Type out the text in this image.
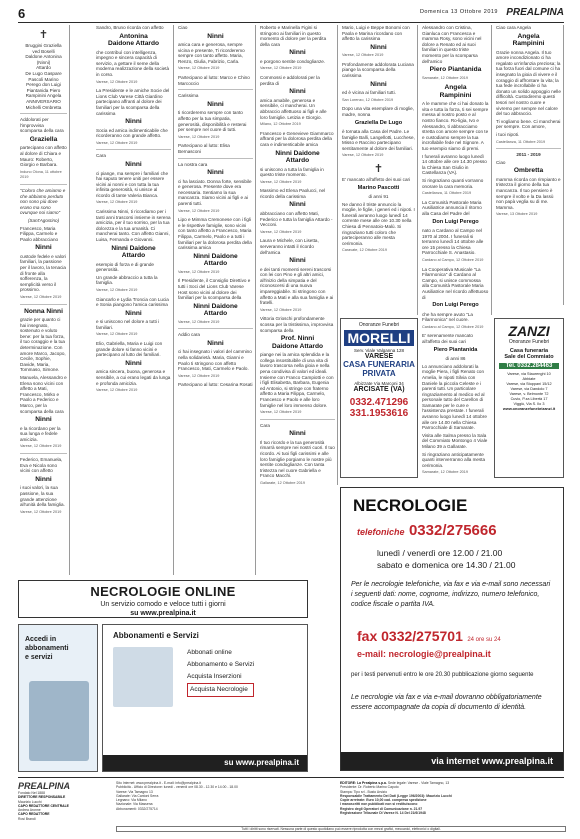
6	Domenica 13 Ottobre 2019 PREALPINA
✝
Bruggini Graziella
ved Boselli
Daldone Antonina (Ninni)
Attardo
De Lugo Gaspare
Pascoli Marino
Perego don Luigi
Piantanida Piero
Rampinini Angela
ANNIVERSARIO
Michelli Ombretta

Addolorati per l'improvvisa scomparsa della cara

Graziella

partecipano con affetto al dolore di Chiara e Mauro: Roberto, Giorgio e Barbara.

Induno Olona, 11 ottobre 2019

"Coloro che amiamo e che abbiamo perduto non sono più dove erano ma sono ovunque noi siamo"

(Sant'Agostino)

Francesco, Maria Filippa, Carmelo e Paolo abbracciano

Ninni

custode fedele e valori familiari, la passione per il lavoro, la tenacia di fronte alla sofferenza, la semplicità verso il prossimo.

Varese, 12 Ottobre 2019
Nonna Ninni

grazie per quanto ci hai insegnato, sostenuto e voluto bene: per la tua forza, il tuo coraggio e la tua determinazione. Con amore Marco, Jacopo, Cecile, Sophie, Davide, Maria, Tommaso, Simone.

Manuela, Alessandro e Elena sono vicini con affetto a Mati, Francesco, Mirko e Paolo a Federico e Marco, per la scomparsa della cara

Ninni

e la ricordano per la sua lunga e fedele amicizia.

Varese, 12 Ottobre 2019

Federico, Emanuela, Eva e Nicola sono vicini con affetto

Ninni

i suoi valori, la sua passione, la sua grande attenzione all'unità della famiglia.

Varese, 12 Ottobre 2019

Sandro, Bruno ricorda con affetto

Antonina
Daidone Attardo

che contribuì con intelligenza, impegno e sincera capacità di servizio, a gettare il seme della moderna realizzazione della società in corso.

Varese, 12 Ottobre 2019

La Presidente e le amiche Socie del Lions Club Varese Città Giardino partecipano affranti al dolore dei familiari per la scomparsa della carissima

Ninni

Socia ed amica indimenticabile che ricorderanno con grande affetto.

Varese, 12 Ottobre 2019

Cara

Ninni

ci piange, ma sempre i familiari che hai saputo tenere uniti per essere vicini ai nonni e con tutta la tua infinita generosità, si unisce al ricordo di tante Valeria Bianca.

Varese, 12 Ottobre 2019

Carissima Ninni, ti ricordiamo per i tanti anni trascorsi insieme in serena amicizia, per il tuo sorriso, per la tua dolcezza e la tua umanità. Ci mancherai tanto. Con affetto Gianni, Luisa, Fernanda e Giovanni.

Ninni Daidone
Attardo

esempio di forza e di grande generosità.

Un grande abbraccio a tutta la famiglia.

Varese, 12 Ottobre 2019

Giancarlo e Lydia Troncia con Lucia e Sonia piangono l'amica carissima

Ninni

e si uniscono nel dolore a tutti i familiari.

Varese, 12 Ottobre 2019

Elio, Gabriella, Maria e Luigi con grande dolore si fanno vicini e partecipano al lutto dei familiari.

Ninni

amica sincera, buona, generosa e sensibile, a cui erano legati da lunga e profonda amicizia.

Varese, 12 Ottobre 2019

Ciao

Ninni

amica cara e generosa, sempre vicina e presente, Ti ricorderemo sempre con tanto affetto. Maria, Renzo, Giulia, Fabrizio, Carla.

Varese, 12 Ottobre 2019

Partecipano al lutto: Marco e Chino Marcoccio

Carissima

Ninni

ti ricorderemo sempre con tanto affetto per la tua simpatia, generosità, disponibilità e resterai per sempre nel cuore di tutti.

Varese, 12 Ottobre 2019

Partecipano al lutto: Elisa Bernasconi

La nostra cara

Ninni

ci ha lasciato. Donna forte, sensibile e generosa. Presente dove era necessaria. Sentiamo la sua mancanza. Siamo vicini ai figli e ai parenti tutti.

Varese, 12 Ottobre 2019

Lipo e Mimma Cremonese con i figli e le rispettive famiglie, sono vicini con tanto affetto a Francesco, Maria Filippa, Carmelo, Paolo e a tutti i familiari per la dolorosa perdita della carissima amica

Ninni Daidone
Attardo
Varese, 12 Ottobre 2019

Il Presidente, il Consiglio Direttivo e tutti i Soci del Lions Club Varese Host sono vicini al dolore dei familiari per la scomparsa della

Ninni Daidone
Attardo
Varese, 12 Ottobre 2019

Addio cara

Ninni

ci hai insegnato i valori del cammino nella solidarietà. Maria, Gianni e Paolo ti stringono con affetto Francesco, Mati, Carmelo e Paolo.

Varese, 12 Ottobre 2019

Partecipano al lutto: Cesarina Rosati

Roberto e Marinella Figini si stringono ai familiari in questo momento di dolore per la perdita della cara

Ninni

e porgono sentite condoglianze.

Varese, 12 Ottobre 2019

Commossi e addolorati per la perdita di

Ninni

amica amabile, generosa e sensibile, ci mancherai. Un abbraccio affettuoso ai figli e alle loro famiglie. Letizia e Giorgio.

Milano, 12 Ottobre 2019

Francesco e Genevieve Giammarco affranti per la dolorosa perdita della cara e indimenticabile amica

Ninni Daidone
Attardo

si uniscono a tutta la famiglia in questo triste momento.

Varese, 12 Ottobre 2019

Massimo ed Elena Paolucci, nel ricordo della carissima

Ninni

abbracciano con affetto Mati, Federico e tutta la famiglia Attardo - Vecconi.

Varese, 12 Ottobre 2019

Laura e Michele, con Lisetta, serveranno intatti il ricordo dell'amica

Ninni

e dei tanti momenti sereni trascorsi con lei con Pino e gli altri amici, all'inizio della simpatia e del riconoscersi di una nuova impareggiabile. Si stringono con affetto a Mati e alla sua famiglia e ai fratelli.

Varese, 12 Ottobre 2019

Vittoria Grioschi profondamente scossa per la tristissima, improvvisa scomparsa della

Prof. Ninni
Daidone Attardo

piange nei la amica splendida e la collega insostituibile di una vita di lavoro trascorsa nella gioia e nella pena condivisa di valori ed ideali. Insieme con Franco Campiotti e con i figli Elisabetta, Barbara, Eugenia ed Antonio, si stringe con fraterno affetto a Maria Filippa, Carmelo, Francesco e Paolo e alle loro famiglie nel loro immenso dolore.

Varese, 12 Ottobre 2019

Cara

Ninni

Il tuo ricordo e la tua generosità rimarrà sempre nei nostri cuori. Il tuo ricordo. Ai tuoi figli carissimi e alle loro famiglie porgiamo le nostre più sentite condoglianze. Con tanta tristezza nel cuore Gabriella e Franco Macchi.

Gallarate, 12 Ottobre 2019

Mario, Luigi e Beppe Bonomi con Paola e Marina ricordano con affetto la carissima

Ninni
Varese, 12 Ottobre 2019

Profondamente addolorata Luciana piange la scomparsa della carissima

Ninni

ed è vicina ai familiari tutti.

San Lorenzo, 12 Ottobre 2019

Dopo una vita esemplare di moglie, madre, nonna

Graziella De Lugo

è tornata alla Casa del Padre. Le famiglie Balli, Langellotti, Lucchese, Misso e Raccino partecipano sentitamente al dolore dei familiari.

Varese, 12 Ottobre 2019
✝

E' mancato all'affetto dei suoi cari

Marino Pascotti

di anni 91

Ne danno il triste annuncio la moglie, le figlie, i generi ed i nipoti. I funerali avranno luogo lunedì 14 corrente mese alle ore 10.30 nella Chiesa di Pennatoio-Malù. Si ringraziano tutti coloro che parteciperanno alle mesta cerimonia.

Caravate, 12 Ottobre 2019
Onoranze Funebri
MORELLI
Serv. Viale Valganna 128
VARESE
CASA FUNERARIA
PRIVATA
Albizzate Via Marconi 34
ARCISATE (VA)
0332.471296
331.1953616

Alessandro con Cristina, Gianluca con Francesca e mamma Rosy, sono vicini nel dolore a Renato ed ai suoi familiari in questo triste momento per la scomparsa dell'amico

Piero Piantanida
Samarate, 12 Ottobre 2019
Angela
Rampinini

A le mamme che ci hai donato la vita e tutta la forza, ti sei sempre messa al nostro posto e al nostro fianco. Ro-ligia, Ivo e Alessandro, ti abbracciamo stretta con amore sempre con te e custodiamo sempre la tua incrollabile fede nel Signore. A tuo esempio siamo di premi.

I funerali avranno luogo lunedì 14 ottobre alle ore 14.30 presso la Chiesa San Giulio in Castellanza (VA).

Si ringraziano quanti vorranno onorare la cara memoria.

Castellanza, 11 Ottobre 2019

La Comunità Pastorale Maria Ausiliatrice annuncia il ritorno alla Casa del Padre del

Don Luigi Perego

nato a Cardano al Campo nel 1970 al 2004. I funerali si terranno lunedì 14 ottobre alle ore 15 presso la Chiesa Parrocchiale S. Anastasio.

Cardano al Campo, 12 Ottobre 2019

La Cooperativa Musicale "La Filarmonica" di Cardano al Campo, si unisce commossa alla Comunità Pastorale Maria Ausiliatrice nel ricordo affettuoso di

Don Luigi Perego

che ha sempre avuto "La Filarmonica" nel cuore.

Cardano al Campo, 12 Ottobre 2019

E' serenamente mancato all'affetto dei suoi cari

Piero Piantanida

di anni 86

Lo annunciano addolorati la moglie Piera, i figli Renato con Amelia, le nipoti Silvia con Daniele la piccola Celeste e i parenti tutti. Un particolare ringraziamento al medico ed al personale tutto del Carellon di Samarate per le cure e l'assistenza prestate. I funerali avranno luogo lunedì 14 ottobre alle ore 14.00 nella Chiesa Parrocchiale di Samarate.

Visita alle Salma presso la Sala del Commiato Montongo 4 Viale Milano 39 a Gallarate.

Si ringraziano anticipatamente quanti interverranno alla mesta cerimonia.

Samarate, 12 Ottobre 2019

Ciao cara Angela

Angela
Rampinini

Grazie nonna Angela. Il tuo amore incondizionato ci ha regalato un'infanzia preziosa; la tua forza fuori dal comune ci ha insegnato la gioia di vivere e il coraggio di affrontare la vita; la tua fede incrollabile ci ha donato un solido appoggio nelle difficoltà. Custodiremo questi tesori nel nostro cuore e vivremo per sempre nel calore del tuo abbraccio.

Ti vogliamo bene. Ci mancherai per sempre. Con amore,

i tuoi nipoti.

Castellanza, 11 Ottobre 2019

2011 - 2019

Ciao

Ombretta

mamma ricorda con rimpianto e tristezza il giorno della tua mancanza. Il tuo pensiero è sempre il volto e la Da lassù non papà veglia su di me. Mamma.

Varese, 13 Ottobre 2019
ZANZI
Onoranze Funebri
Casa funeraria
Sale del Commiato
Tel. 0332.284463
Varese, via Staurenghi 10
Abbiate
Varese, via Stoppani 15/12
Varese, via Dandolo 7
Varese, v. Belmonte 72
Cuvio, P.za Libertà 17
Viggiù, Via S. Ilo 3
www.onoranzefunebrizanzi.it
NECROLOGIE
telefoniche 0332/275666
lunedì / venerdì ore 12.00 / 21.00
sabato e domenica ore 14.30 / 21.00
Per le necrologie telefoniche, via fax e via e-mail sono necessari i seguenti dati: nome, cognome, indirizzo, numero telefonico, codice fiscale o partita IVA.
fax 0332/275701 24 ore su 24
e-mail: necrologie@prealpina.it
per i testi pervenuti entro le ore 20.30 pubblicazione giorno seguente
Le necrologie via fax e via e-mail dovranno obbligatoriamente essere accompagnate da copia di documento di identità.
via internet www.prealpina.it
NECROLOGIE ONLINE
Un servizio comodo e veloce tutti i giorni
su www.prealpina.it
Accedi in
abbonamenti
e servizi
Abbonamenti e Servizi
Abbonati online
Abbonamento e Servizi
Acquista Inserzioni
Acquista Necrologie
su www.prealpina.it
PREALPINA
Fondato Nel 1888
DIRETTORE RESPONSABILE
Maurizio Lucchi
CAPO REDATTORE CENTRALE
Andrea Aronne
CAPO REDATTORE
Rosi Brandi
Sito Internet: www.prealpina.it - E-mail: info@prealpina.it
Pubblicità - Ufficio di Direzione: lunedì - venerdì ore 08.30 - 12.30 e 14.00 - 18.00
Varese: Via Tamagno 13
Gallarate: Via Cantoni Serra
Legnano: Via Milano
Nazionale: Via Massena
Abbonamenti: 0332/275714
EDITORE: La Prealpina s.p.a. Sede legale: Varese - Viale Tamagno, 13
Presidente: Dr. Roberto Marino Caputo
Stampa: Tipo srl - Busto Arsizio
Responsabile Trattamento Dei Dati (Legge 196/2003): Maurizio Lucchi
Copie arretrate: Euro 10,00 cad. compresa spedizione
I manoscritti non pubblicati non si restituiscono
Registro degli Operatori di Comunicazione n. 21.97
Registrazione Tribunale Di Varese N. 14 Del 21/6/1948
Tutti i diritti sono riservati. Nessuna parte di questo quotidiano può essere riprodotta con mezzi grafici, meccanici, elettronici o digitali.
